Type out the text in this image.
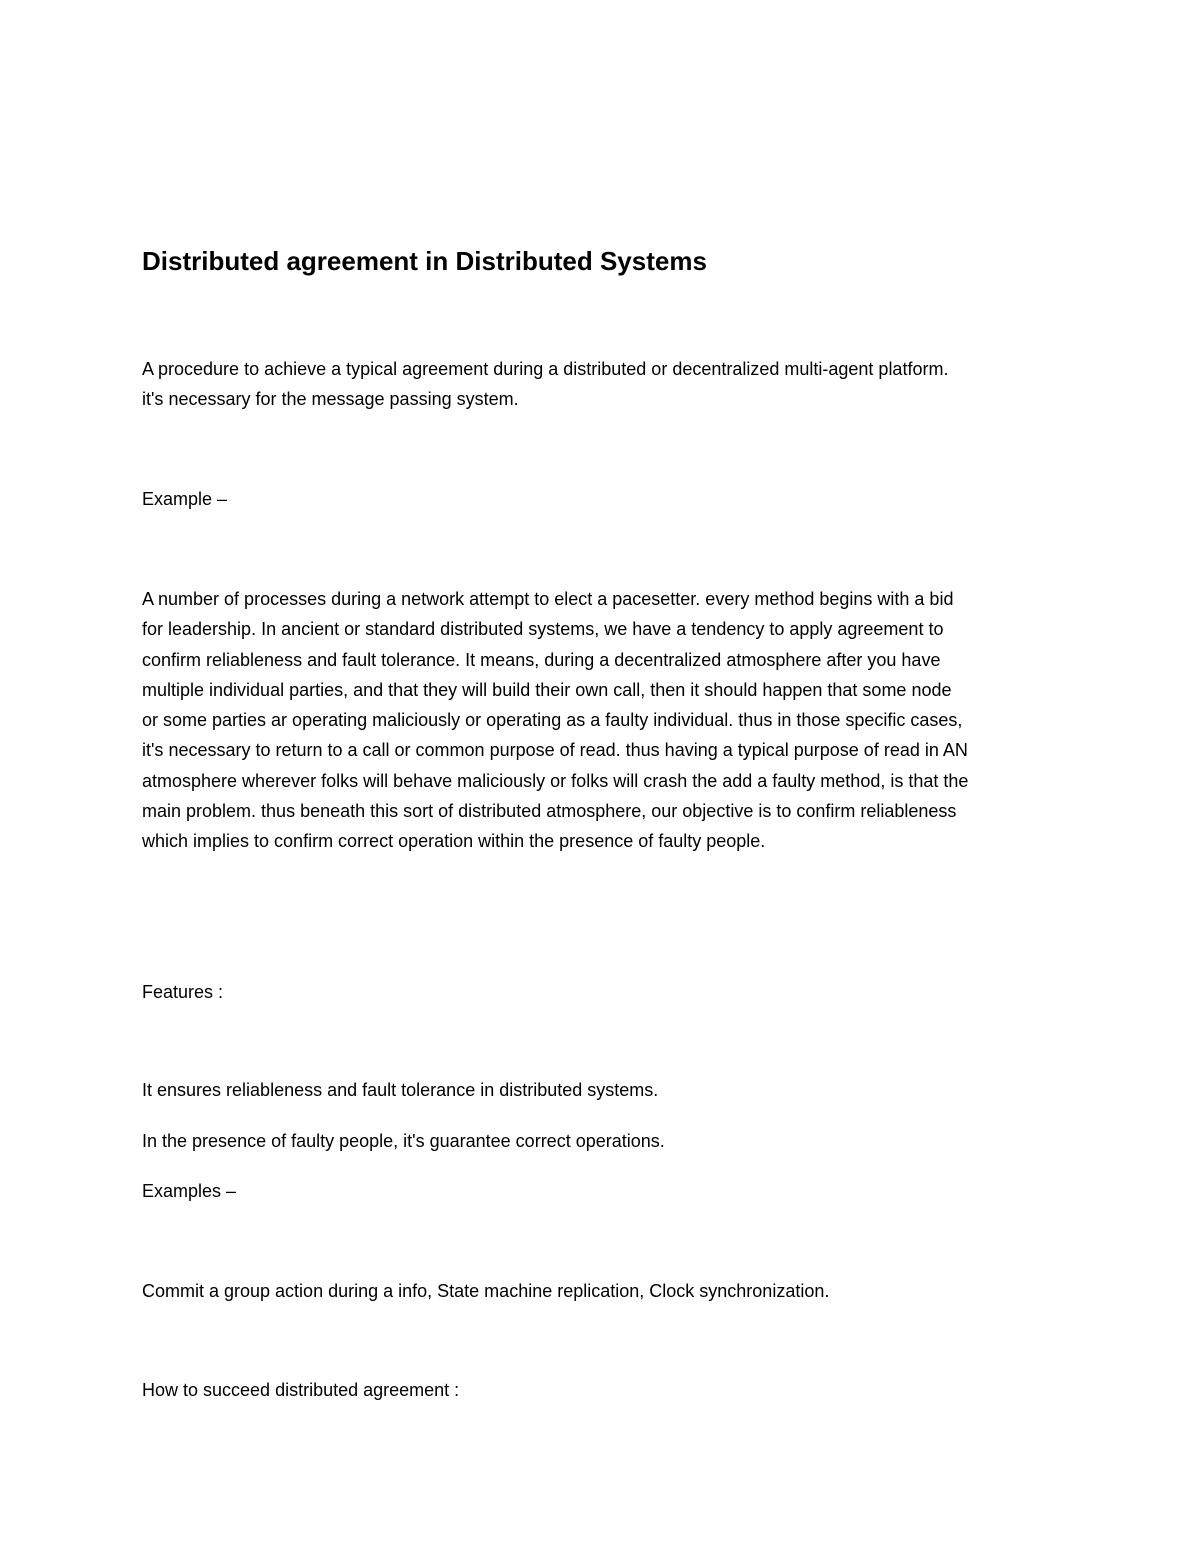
Distributed agreement in Distributed Systems
A procedure to achieve a typical agreement during a distributed or decentralized multi-agent platform.
it's necessary for the message passing system.
Example –
A number of processes during a network attempt to elect a pacesetter. every method begins with a bid
for leadership. In ancient or standard distributed systems, we have a tendency to apply agreement to
confirm reliableness and fault tolerance. It means, during a decentralized atmosphere after you have
multiple individual parties, and that they will build their own call, then it should happen that some node
or some parties ar operating maliciously or operating as a faulty individual. thus in those specific cases,
it's necessary to return to a call or common purpose of read. thus having a typical purpose of read in AN
atmosphere wherever folks will behave maliciously or folks will crash the add a faulty method, is that the
main problem. thus beneath this sort of distributed atmosphere, our objective is to confirm reliableness
which implies to confirm correct operation within the presence of faulty people.
Features :
It ensures reliableness and fault tolerance in distributed systems.
In the presence of faulty people, it's guarantee correct operations.
Examples –
Commit a group action during a info, State machine replication, Clock synchronization.
How to succeed distributed agreement :
